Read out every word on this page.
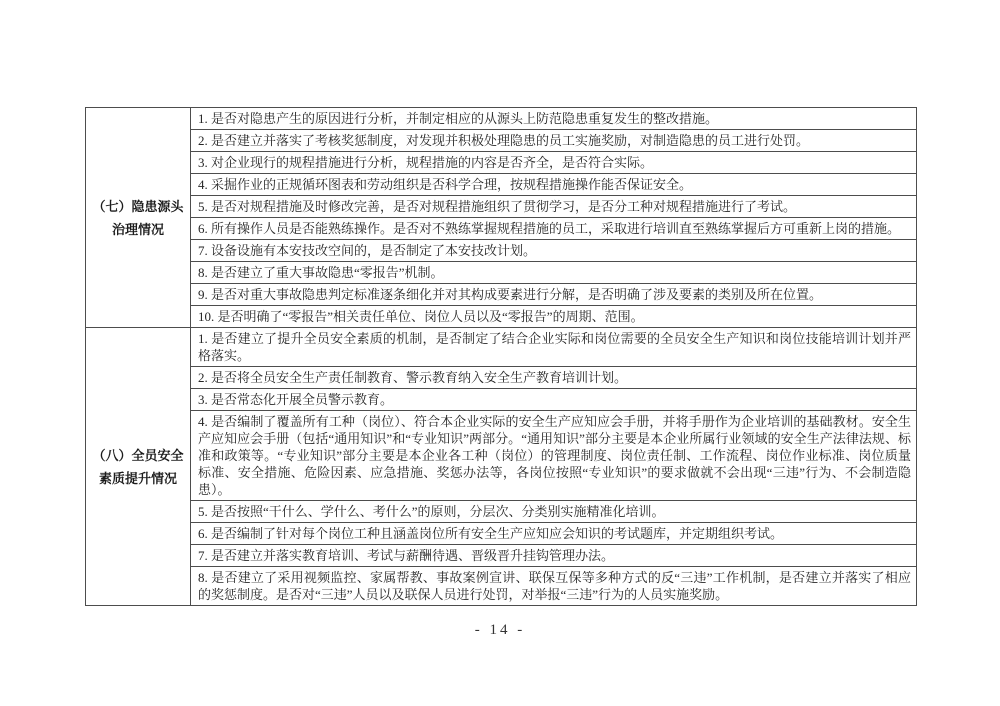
（七）隐患源头
治理情况	1. 是否对隐患产生的原因进行分析，并制定相应的从源头上防范隐患重复发生的整改措施。
	2. 是否建立并落实了考核奖惩制度，对发现并积极处理隐患的员工实施奖励，对制造隐患的员工进行处罚。
	3. 对企业现行的规程措施进行分析，规程措施的内容是否齐全，是否符合实际。
	4. 采掘作业的正规循环图表和劳动组织是否科学合理，按规程措施操作能否保证安全。
	5. 是否对规程措施及时修改完善，是否对规程措施组织了贯彻学习，是否分工种对规程措施进行了考试。
	6. 所有操作人员是否能熟练操作。是否对不熟练掌握规程措施的员工，采取进行培训直至熟练掌握后方可重新上岗的措施。
	7. 设备设施有本安技改空间的，是否制定了本安技改计划。
	8. 是否建立了重大事故隐患“零报告”机制。
	9. 是否对重大事故隐患判定标准逐条细化并对其构成要素进行分解，是否明确了涉及要素的类别及所在位置。
	10. 是否明确了“零报告”相关责任单位、岗位人员以及“零报告”的周期、范围。
（八）全员安全
素质提升情况	1. 是否建立了提升全员安全素质的机制，是否制定了结合企业实际和岗位需要的全员安全生产知识和岗位技能培训计划并严格落实。
	2. 是否将全员安全生产责任制教育、警示教育纳入安全生产教育培训计划。
	3. 是否常态化开展全员警示教育。
	4. 是否编制了覆盖所有工种（岗位）、符合本企业实际的安全生产应知应会手册，并将手册作为企业培训的基础教材。安全生产应知应会手册（包括“通用知识”和“专业知识”两部分。“通用知识”部分主要是本企业所属行业领域的安全生产法律法规、标准和政策等。“专业知识”部分主要是本企业各工种（岗位）的管理制度、岗位责任制、工作流程、岗位作业标准、岗位质量标准、安全措施、危险因素、应急措施、奖惩办法等，各岗位按照“专业知识”的要求做就不会出现“三违”行为、不会制造隐患）。
	5. 是否按照“干什么、学什么、考什么”的原则，分层次、分类别实施精准化培训。
	6. 是否编制了针对每个岗位工种且涵盖岗位所有安全生产应知应会知识的考试题库，并定期组织考试。
	7. 是否建立并落实教育培训、考试与薪酬待遇、晋级晋升挂钩管理办法。
	8. 是否建立了采用视频监控、家属帮教、事故案例宣讲、联保互保等多种方式的反“三违”工作机制，是否建立并落实了相应的奖惩制度。是否对“三违”人员以及联保人员进行处罚，对举报“三违”行为的人员实施奖励。
- 14 -
